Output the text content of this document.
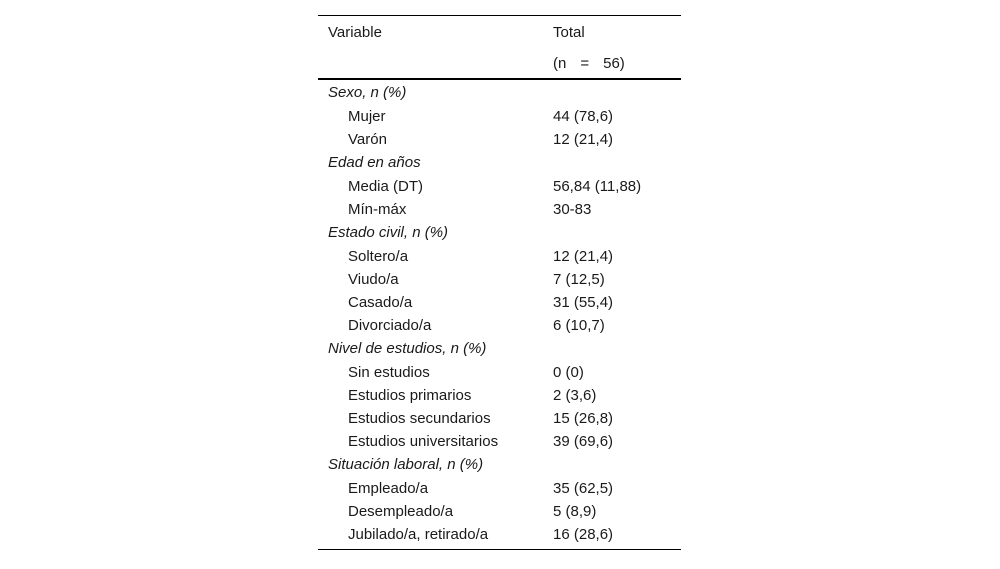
Variable	Total
(n = 56)
Sexo, n (%)
Mujer	44 (78,6)
Varón	12 (21,4)
Edad en años
Media (DT)	56,84 (11,88)
Mín-máx	30-83
Estado civil, n (%)
Soltero/a	12 (21,4)
Viudo/a	7 (12,5)
Casado/a	31 (55,4)
Divorciado/a	6 (10,7)
Nivel de estudios, n (%)
Sin estudios	0 (0)
Estudios primarios	2 (3,6)
Estudios secundarios	15 (26,8)
Estudios universitarios	39 (69,6)
Situación laboral, n (%)
Empleado/a	35 (62,5)
Desempleado/a	5 (8,9)
Jubilado/a, retirado/a	16 (28,6)
